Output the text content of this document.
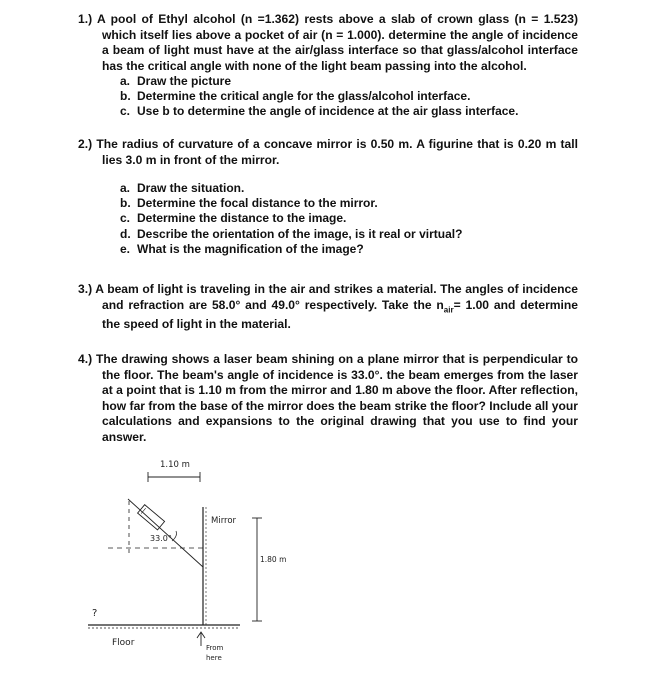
1.) A pool of Ethyl alcohol (n =1.362) rests above a slab of crown glass (n = 1.523) which itself lies above a pocket of air (n = 1.000). determine the angle of incidence a beam of light must have at the air/glass interface so that glass/alcohol interface has the critical angle with none of the light beam passing into the alcohol.
a. Draw the picture
b. Determine the critical angle for the glass/alcohol interface.
c. Use b to determine the angle of incidence at the air glass interface.
2.) The radius of curvature of a concave mirror is 0.50 m. A figurine that is 0.20 m tall lies 3.0 m in front of the mirror.
a. Draw the situation.
b. Determine the focal distance to the mirror.
c. Determine the distance to the image.
d. Describe the orientation of the image, is it real or virtual?
e. What is the magnification of the image?
3.) A beam of light is traveling in the air and strikes a material. The angles of incidence and refraction are 58.0° and 49.0° respectively. Take the $n_{air}= 1.00$ and determine the speed of light in the material.
4.) The drawing shows a laser beam shining on a plane mirror that is perpendicular to the floor. The beam's angle of incidence is 33.0°. the beam emerges from the laser at a point that is 1.10 m from the mirror and 1.80 m above the floor. After reflection, how far from the base of the mirror does the beam strike the floor? Include all your calculations and expansions to the original drawing that you use to find your answer.
1.10 m
33.0°
Mirror
1.80 m
?
Floor	From
here
